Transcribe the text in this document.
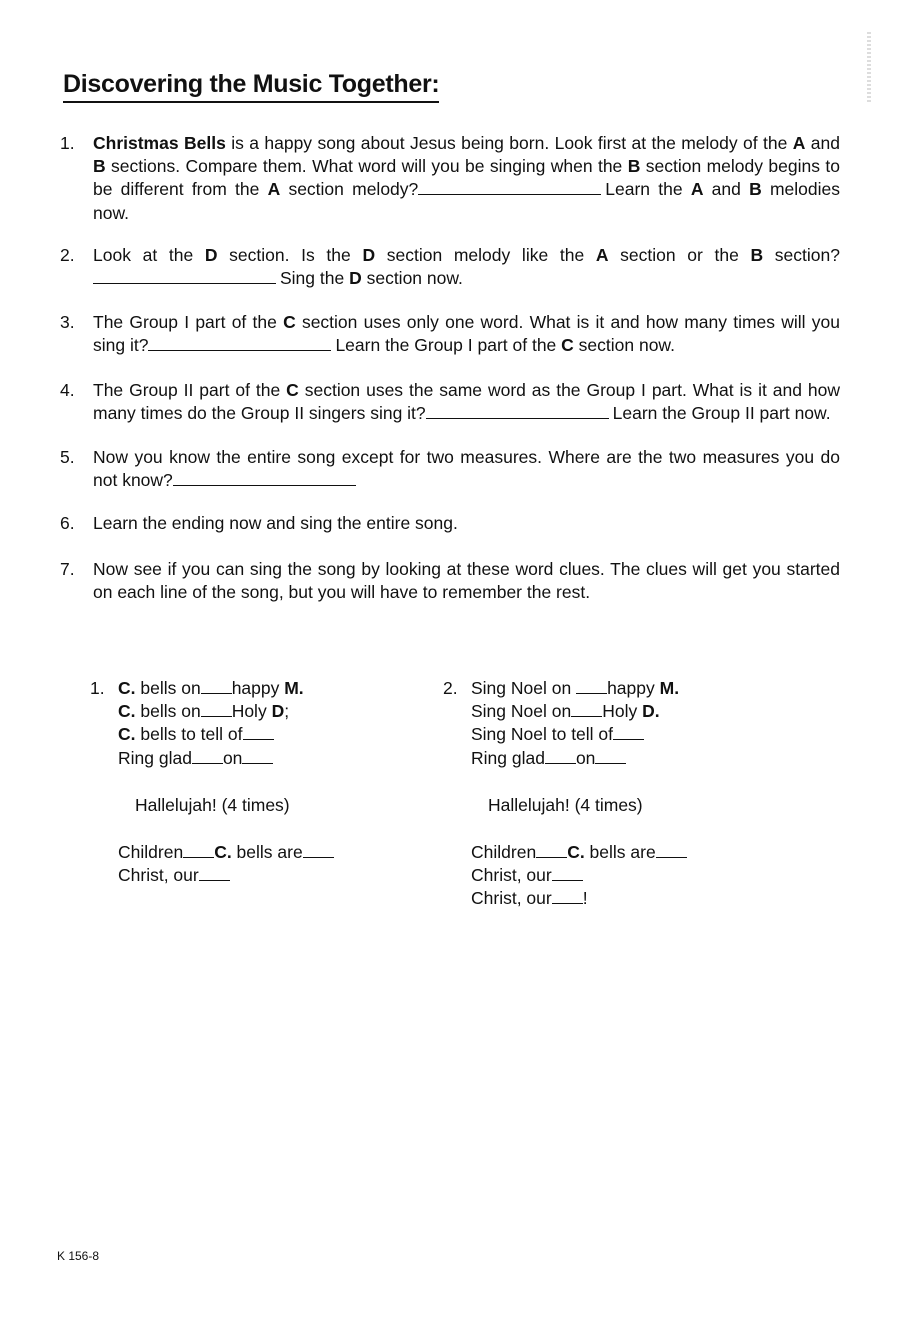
Discovering the Music Together:
1. Christmas Bells is a happy song about Jesus being born. Look first at the melody of the A and B sections. Compare them. What word will you be singing when the B section melody begins to be different from the A section melody?	Learn the A and B melodies now.
2. Look at the D section. Is the D section melody like the A section or the B section?Sing the D section now.
3. The Group I part of the C section uses only one word. What is it and how many times will you sing it?	Learn the Group I part of the C section now.
4. The Group II part of the C section uses the same word as the Group I part. What is it and how many times do the Group II singers sing it?	Learn the Group II part now.
5. Now you know the entire song except for two measures. Where are the two measures you do not know?
6. Learn the ending now and sing the entire song.
7. Now see if you can sing the song by looking at these word clues. The clues will get you started on each line of the song, but you will have to remember the rest.
1. C. bells on happy M.
C. bells on Holy D;
C. bells to tell of
Ring glad on
Hallelujah! (4 times)
Children C. bells are
Christ, our
2. Sing Noel on happy M.
Sing Noel on Holy D.
Sing Noel to tell of
Ring glad on
Hallelujah! (4 times)
Children C. bells are
Christ, our
Christ, our !
K 156-8
